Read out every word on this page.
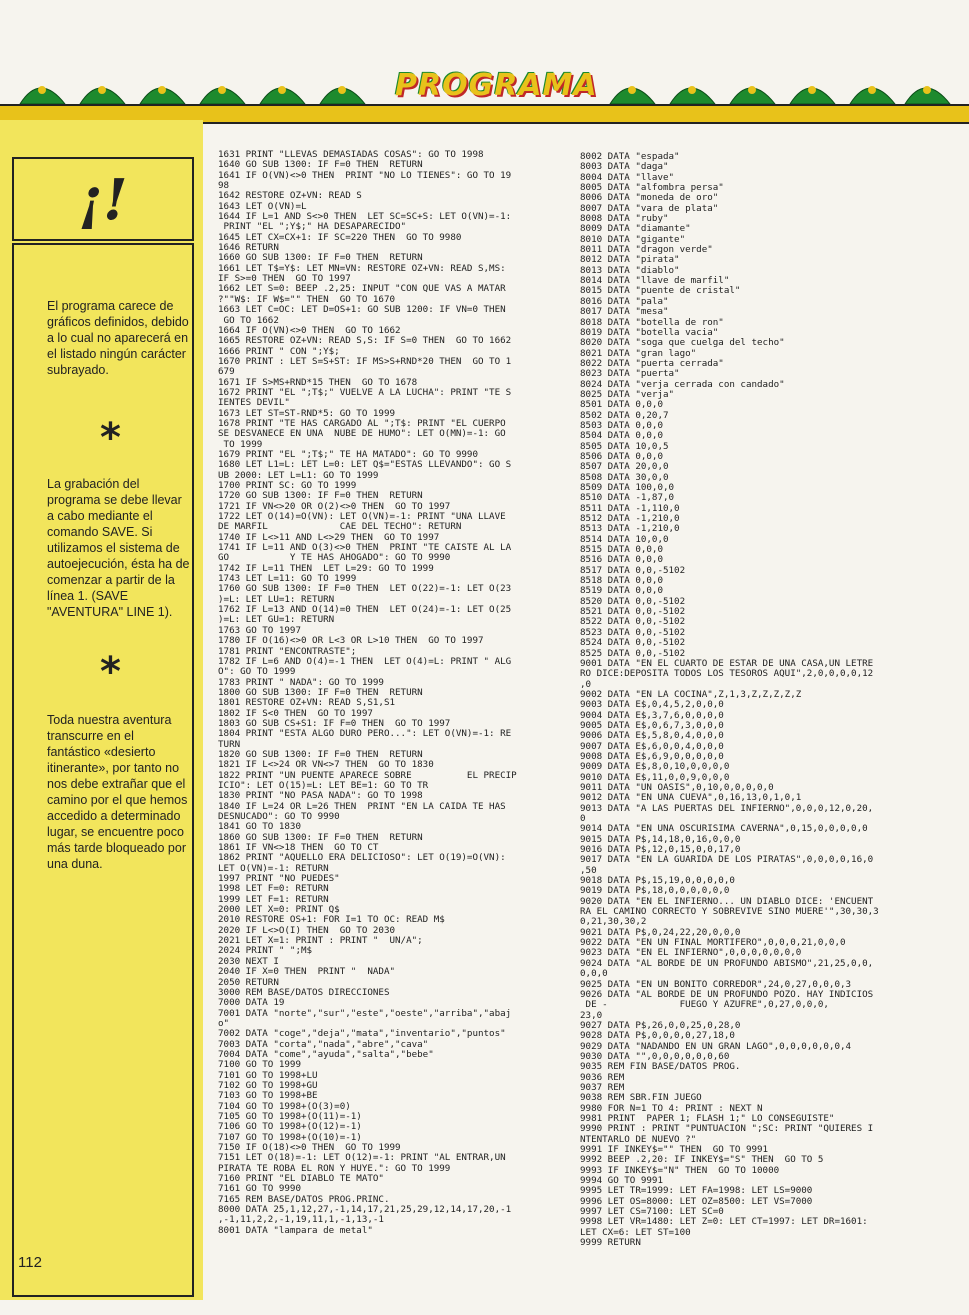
PROGRAMA
¡!
El programa carece de gráficos definidos, debido a lo cual no aparecerá en el listado ningún carácter subrayado.
*
La grabación del programa se debe llevar a cabo mediante el comando SAVE. Si utilizamos el sistema de autoejecución, ésta ha de comenzar a partir de la línea 1. (SAVE "AVENTURA" LINE 1).
*
Toda nuestra aventura transcurre en el fantástico «desierto itinerante», por tanto no nos debe extrañar que el camino por el que hemos accedido a determinado lugar, se encuentre poco más tarde bloqueado por una duna.
1631 PRINT "LLEVAS DEMASIADAS COSAS": GO TO 1998
1640 GO SUB 1300: IF F=0 THEN  RETURN
1641 IF O(VN)<>0 THEN  PRINT "NO LO TIENES": GO TO 19
98
1642 RESTORE OZ+VN: READ S
1643 LET O(VN)=L
1644 IF L=1 AND S<>0 THEN  LET SC=SC+S: LET O(VN)=-1:
PRINT "EL ";Y$;" HA DESAPARECIDO"
1645 LET CX=CX+1: IF SC=220 THEN  GO TO 9980
1646 RETURN
1660 GO SUB 1300: IF F=0 THEN  RETURN
1661 LET T$=Y$: LET MN=VN: RESTORE OZ+VN: READ S,MS:
IF S>=0 THEN  GO TO 1997
1662 LET S=0: BEEP .2,25: INPUT "CON QUE VAS A MATAR
?""W$: IF W$="" THEN  GO TO 1670
1663 LET C=OC: LET D=OS+1: GO SUB 1200: IF VN=0 THEN
GO TO 1662
1664 IF O(VN)<>0 THEN  GO TO 1662
1665 RESTORE OZ+VN: READ S,S: IF S=0 THEN  GO TO 1662
1666 PRINT " CON ";Y$;
1670 PRINT : LET S=S+ST: IF MS>S+RND*20 THEN  GO TO 1
679
1671 IF S>MS+RND*15 THEN  GO TO 1678
1672 PRINT "EL ";T$;" VUELVE A LA LUCHA": PRINT "TE S
IENTES DEVIL"
1673 LET ST=ST-RND*5: GO TO 1999
1678 PRINT "TE HAS CARGADO AL ";T$: PRINT "EL CUERPO
SE DESVANECE EN UNA  NUBE DE HUMO": LET O(MN)=-1: GO
TO 1999
1679 PRINT "EL ";T$;" TE HA MATADO": GO TO 9990
1680 LET L1=L: LET L=0: LET Q$="ESTAS LLEVANDO": GO S
UB 2000: LET L=L1: GO TO 1999
1700 PRINT SC: GO TO 1999
1720 GO SUB 1300: IF F=0 THEN  RETURN
1721 IF VN<>20 OR O(2)<>0 THEN  GO TO 1997
1722 LET O(14)=O(VN): LET O(VN)=-1: PRINT "UNA LLAVE
DE MARFIL             CAE DEL TECHO": RETURN
1740 IF L<>11 AND L<>29 THEN  GO TO 1997
1741 IF L=11 AND O(3)<>0 THEN  PRINT "TE CAISTE AL LA
GO           Y TE HAS AHOGADO": GO TO 9990
1742 IF L=11 THEN  LET L=29: GO TO 1999
1743 LET L=11: GO TO 1999
1760 GO SUB 1300: IF F=0 THEN  LET O(22)=-1: LET O(23
)=L: LET LU=1: RETURN
1762 IF L=13 AND O(14)=0 THEN  LET O(24)=-1: LET O(25
)=L: LET GU=1: RETURN
1763 GO TO 1997
1780 IF O(16)<>0 OR L<3 OR L>10 THEN  GO TO 1997
1781 PRINT "ENCONTRASTE";
1782 IF L=6 AND O(4)=-1 THEN  LET O(4)=L: PRINT " ALG
O": GO TO 1999
1783 PRINT " NADA": GO TO 1999
1800 GO SUB 1300: IF F=0 THEN  RETURN
1801 RESTORE OZ+VN: READ S,S1,S1
1802 IF S<0 THEN  GO TO 1997
1803 GO SUB CS+S1: IF F=0 THEN  GO TO 1997
1804 PRINT "ESTA ALGO DURO PERO...": LET O(VN)=-1: RE
TURN
1820 GO SUB 1300: IF F=0 THEN  RETURN
1821 IF L<>24 OR VN<>7 THEN  GO TO 1830
1822 PRINT "UN PUENTE APARECE SOBRE          EL PRECIP
ICIO": LET O(15)=L: LET BE=1: GO TO TR
1830 PRINT "NO PASA NADA": GO TO 1998
1840 IF L=24 OR L=26 THEN  PRINT "EN LA CAIDA TE HAS
DESNUCADO": GO TO 9990
1841 GO TO 1830
1860 GO SUB 1300: IF F=0 THEN  RETURN
1861 IF VN<>18 THEN  GO TO CT
1862 PRINT "AQUELLO ERA DELICIOSO": LET O(19)=O(VN):
LET O(VN)=-1: RETURN
1997 PRINT "NO PUEDES"
1998 LET F=0: RETURN
1999 LET F=1: RETURN
2000 LET X=0: PRINT Q$
2010 RESTORE OS+1: FOR I=1 TO OC: READ M$
2020 IF L<>O(I) THEN  GO TO 2030
2021 LET X=1: PRINT : PRINT "  UN/A";
2024 PRINT " ";M$
2030 NEXT I
2040 IF X=0 THEN  PRINT "  NADA"
2050 RETURN
3000 REM BASE/DATOS DIRECCIONES
7000 DATA 19
7001 DATA "norte","sur","este","oeste","arriba","abaj
o"
7002 DATA "coge","deja","mata","inventario","puntos"
7003 DATA "corta","nada","abre","cava"
7004 DATA "come","ayuda","salta","bebe"
7100 GO TO 1999
7101 GO TO 1998+LU
7102 GO TO 1998+GU
7103 GO TO 1998+BE
7104 GO TO 1998+(O(3)=0)
7105 GO TO 1998+(O(11)=-1)
7106 GO TO 1998+(O(12)=-1)
7107 GO TO 1998+(O(10)=-1)
7150 IF O(18)<>0 THEN  GO TO 1999
7151 LET O(18)=-1: LET O(12)=-1: PRINT "AL ENTRAR,UN
PIRATA TE ROBA EL RON Y HUYE.": GO TO 1999
7160 PRINT "EL DIABLO TE MATO"
7161 GO TO 9990
7165 REM BASE/DATOS PROG.PRINC.
8000 DATA 25,1,12,27,-1,14,17,21,25,29,12,14,17,20,-1
,-1,11,2,2,-1,19,11,1,-1,13,-1
8001 DATA "lampara de metal"
8002 DATA "espada"
8003 DATA "daga"
8004 DATA "llave"
8005 DATA "alfombra persa"
8006 DATA "moneda de oro"
8007 DATA "vara de plata"
8008 DATA "ruby"
8009 DATA "diamante"
8010 DATA "gigante"
8011 DATA "dragon verde"
8012 DATA "pirata"
8013 DATA "diablo"
8014 DATA "llave de marfil"
8015 DATA "puente de cristal"
8016 DATA "pala"
8017 DATA "mesa"
8018 DATA "botella de ron"
8019 DATA "botella vacia"
8020 DATA "soga que cuelga del techo"
8021 DATA "gran lago"
8022 DATA "puerta cerrada"
8023 DATA "puerta"
8024 DATA "verja cerrada con candado"
8025 DATA "verja"
8501 DATA 0,0,0
8502 DATA 0,20,7
8503 DATA 0,0,0
8504 DATA 0,0,0
8505 DATA 10,0,5
8506 DATA 0,0,0
8507 DATA 20,0,0
8508 DATA 30,0,0
8509 DATA 100,0,0
8510 DATA -1,87,0
8511 DATA -1,110,0
8512 DATA -1,210,0
8513 DATA -1,210,0
8514 DATA 10,0,0
8515 DATA 0,0,0
8516 DATA 0,0,0
8517 DATA 0,0,-5102
8518 DATA 0,0,0
8519 DATA 0,0,0
8520 DATA 0,0,-5102
8521 DATA 0,0,-5102
8522 DATA 0,0,-5102
8523 DATA 0,0,-5102
8524 DATA 0,0,-5102
8525 DATA 0,0,-5102
9001 DATA "EN EL CUARTO DE ESTAR DE UNA CASA,UN LETRE
RO DICE:DEPOSITA TODOS LOS TESOROS AQUI",2,0,0,0,0,12
,0
9002 DATA "EN LA COCINA",Z,1,3,Z,Z,Z,Z,Z
9003 DATA E$,0,4,5,2,0,0,0
9004 DATA E$,3,7,6,0,0,0,0
9005 DATA E$,0,6,7,3,0,0,0
9006 DATA E$,5,8,0,4,0,0,0
9007 DATA E$,6,0,0,4,0,0,0
9008 DATA E$,6,9,0,0,0,0,0
9009 DATA E$,8,0,10,0,0,0,0
9010 DATA E$,11,0,0,9,0,0,0
9011 DATA "UN OASIS",0,10,0,0,0,0,0
9012 DATA "EN UNA CUEVA",0,16,13,0,1,0,1
9013 DATA "A LAS PUERTAS DEL INFIERNO",0,0,0,12,0,20,
0
9014 DATA "EN UNA OSCURISIMA CAVERNA",0,15,0,0,0,0,0
9015 DATA P$,14,18,0,16,0,0,0
9016 DATA P$,12,0,15,0,0,17,0
9017 DATA "EN LA GUARIDA DE LOS PIRATAS",0,0,0,0,16,0
,50
9018 DATA P$,15,19,0,0,0,0,0
9019 DATA P$,18,0,0,0,0,0,0
9020 DATA "EN EL INFIERNO... UN DIABLO DICE: 'ENCUENT
RA EL CAMINO CORRECTO Y SOBREVIVE SINO MUERE'",30,30,3
0,21,30,30,2
9021 DATA P$,0,24,22,20,0,0,0
9022 DATA "EN UN FINAL MORTIFERO",0,0,0,21,0,0,0
9023 DATA "EN EL INFIERNO",0,0,0,0,0,0,0
9024 DATA "AL BORDE DE UN PROFUNDO ABISMO",21,25,0,0,
0,0,0
9025 DATA "EN UN BONITO CORREDOR",24,0,27,0,0,0,3
9026 DATA "AL BORDE DE UN PROFUNDO POZO. HAY INDICIOS
DE -             FUEGO Y AZUFRE",0,27,0,0,0,
23,0
9027 DATA P$,26,0,0,25,0,28,0
9028 DATA P$,0,0,0,0,27,18,0
9029 DATA "NADANDO EN UN GRAN LAGO",0,0,0,0,0,0,4
9030 DATA "",0,0,0,0,0,0,60
9035 REM FIN BASE/DATOS PROG.
9036 REM
9037 REM
9038 REM SBR.FIN JUEGO
9980 FOR N=1 TO 4: PRINT : NEXT N
9981 PRINT  PAPER 1; FLASH 1;" LO CONSEGUISTE"
9990 PRINT : PRINT "PUNTUACION ";SC: PRINT "QUIERES I
NTENTARLO DE NUEVO ?"
9991 IF INKEY$="" THEN  GO TO 9991
9992 BEEP .2,20: IF INKEY$="S" THEN  GO TO 5
9993 IF INKEY$="N" THEN  GO TO 10000
9994 GO TO 9991
9995 LET TR=1999: LET FA=1998: LET LS=9000
9996 LET OS=8000: LET OZ=8500: LET VS=7000
9997 LET CS=7100: LET SC=0
9998 LET VR=1480: LET Z=0: LET CT=1997: LET DR=1601:
LET CX=6: LET ST=100
9999 RETURN
112
